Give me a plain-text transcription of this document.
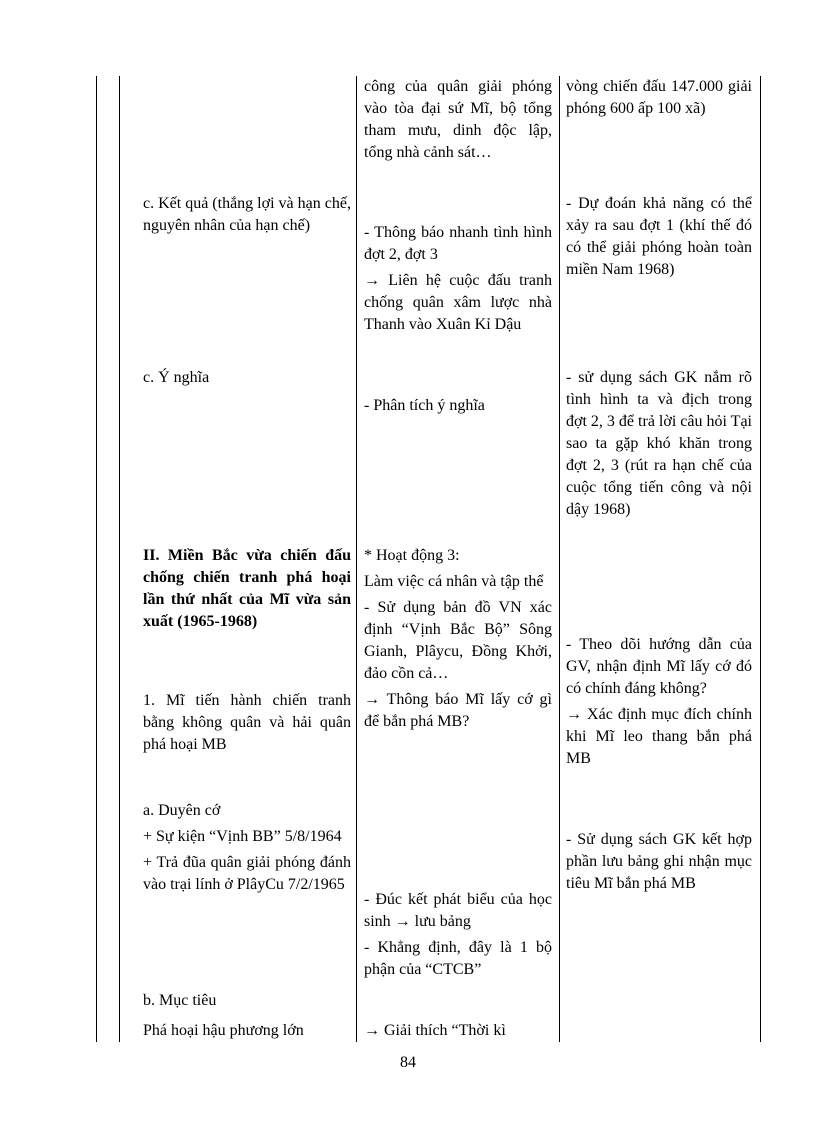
c. Kết quả (thắng lợi và hạn chế, nguyên nhân của hạn chế)

c. Ý nghĩa

II. Miền Bắc vừa chiến đấu chống chiến tranh phá hoại lần thứ nhất của Mĩ vừa sản xuất (1965-1968)

1. Mĩ tiến hành chiến tranh bằng không quân và hải quân phá hoại MB

a. Duyên cớ

+ Sự kiện “Vịnh BB” 5/8/1964

+ Trả đũa quân giải phóng đánh vào trại lính ở PlâyCu 7/2/1965

b. Mục tiêu

Phá hoại hậu phương lớn

công của quân giải phóng vào tòa đại sứ Mĩ, bộ tổng tham mưu, dinh độc lập, tổng nhà cảnh sát…

- Thông báo nhanh tình hình đợt 2, đợt 3

→ Liên hệ cuộc đấu tranh chống quân xâm lược nhà Thanh vào Xuân Kỉ Dậu

- Phân tích ý nghĩa

* Hoạt động 3:

Làm việc cá nhân và tập thể

- Sử dụng bản đồ VN xác định “Vịnh Bắc Bộ” Sông Gianh, Plâycu, Đồng Khởi, đảo cồn cả…

→ Thông báo Mĩ lấy cớ gì để bắn phá MB?

- Đúc kết phát biểu của học sinh → lưu bảng

- Khẳng định, đây là 1 bộ phận của “CTCB”

→ Giải thích “Thời kì

vòng chiến đấu 147.000 giải phóng 600 ấp 100 xã)

- Dự đoán khả năng có thể xảy ra sau đợt 1 (khí thế đó có thể giải phóng hoàn toàn miền Nam 1968)

- sử dụng sách GK nắm rõ tình hình ta và địch trong đợt 2, 3 để trả lời câu hỏi Tại sao ta gặp khó khăn trong đợt 2, 3 (rút ra hạn chế của cuộc tổng tiến công và nội dậy 1968)

- Theo dõi hướng dẫn của GV, nhận định Mĩ lấy cớ đó có chính đáng không?

→ Xác định mục đích chính khi Mĩ leo thang bắn phá MB

- Sử dụng sách GK kết hợp phần lưu bảng ghi nhận mục tiêu Mĩ bắn phá MB

84
